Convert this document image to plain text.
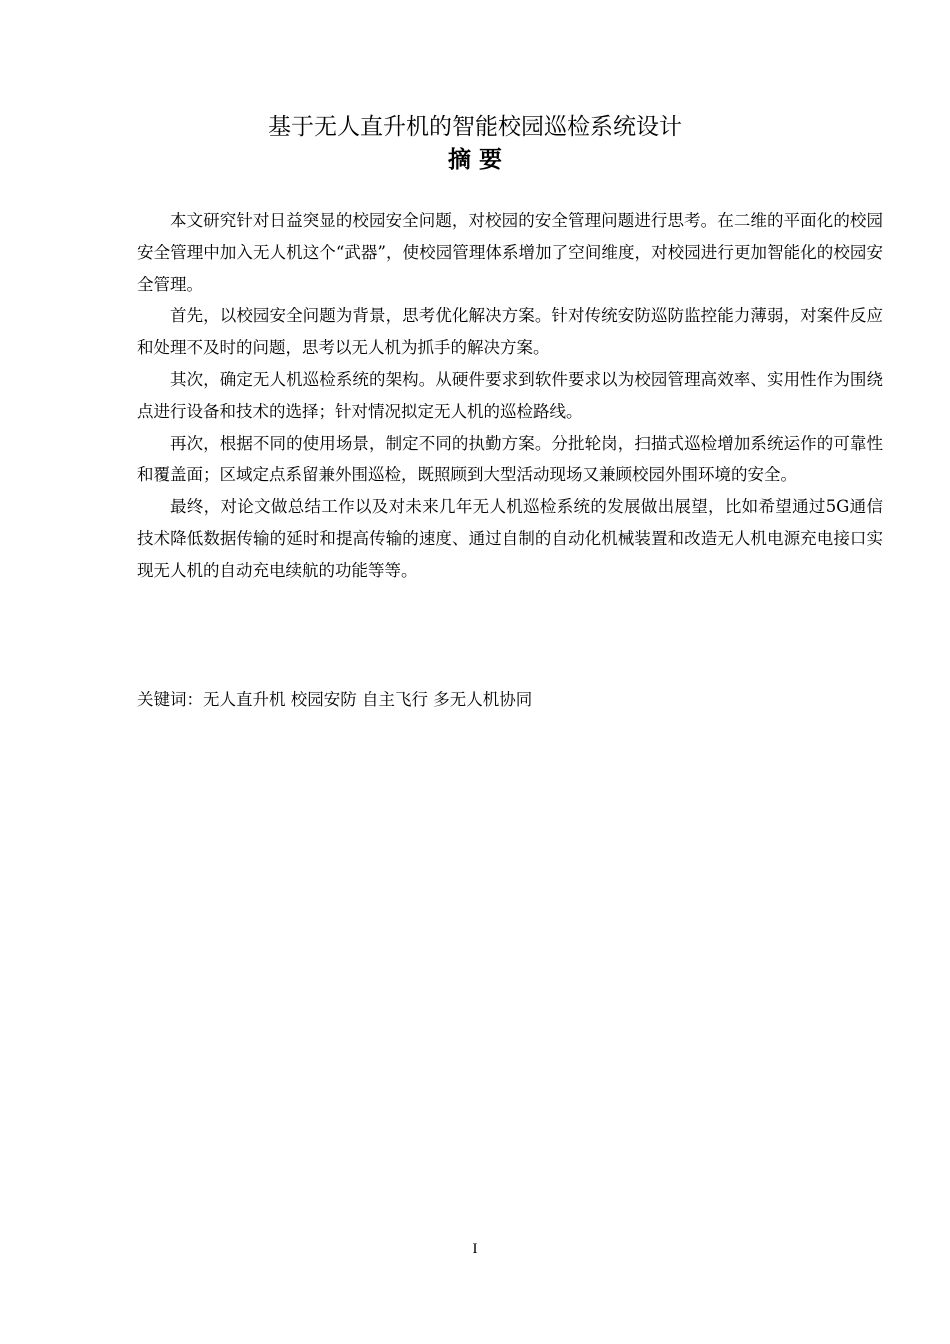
基于无人直升机的智能校园巡检系统设计
摘 要

本文研究针对日益突显的校园安全问题，对校园的安全管理问题进行思考。在二维的平面化的校园安全管理中加入无人机这个“武器”，使校园管理体系增加了空间维度，对校园进行更加智能化的校园安全管理。

首先，以校园安全问题为背景，思考优化解决方案。针对传统安防巡防监控能力薄弱，对案件反应和处理不及时的问题，思考以无人机为抓手的解决方案。

其次，确定无人机巡检系统的架构。从硬件要求到软件要求以为校园管理高效率、实用性作为围绕点进行设备和技术的选择；针对情况拟定无人机的巡检路线。

再次，根据不同的使用场景，制定不同的执勤方案。分批轮岗，扫描式巡检增加系统运作的可靠性和覆盖面；区域定点系留兼外围巡检，既照顾到大型活动现场又兼顾校园外围环境的安全。

最终，对论文做总结工作以及对未来几年无人机巡检系统的发展做出展望，比如希望通过5G通信技术降低数据传输的延时和提高传输的速度、通过自制的自动化机械装置和改造无人机电源充电接口实现无人机的自动充电续航的功能等等。

关键词：无人直升机 校园安防 自主飞行 多无人机协同

I
